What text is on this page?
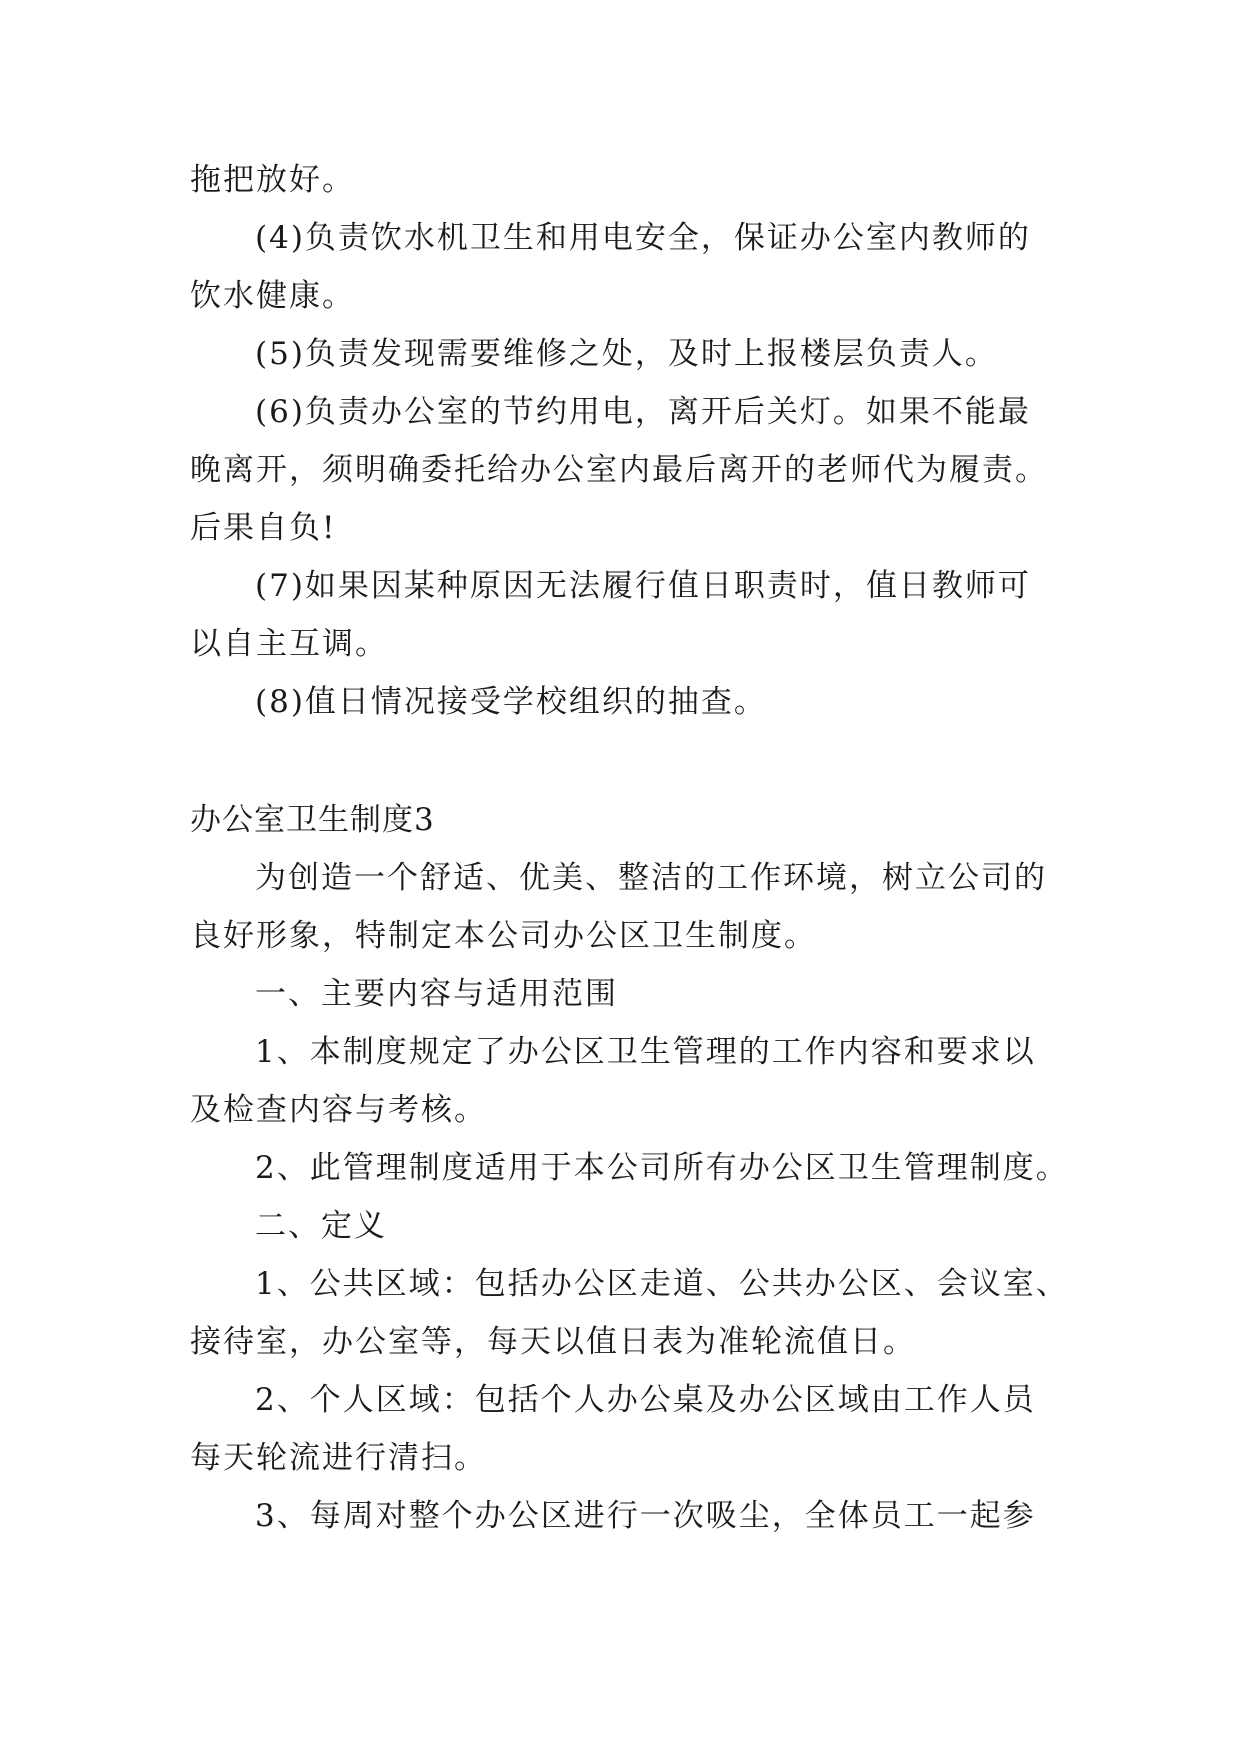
拖把放好。
(4)负责饮水机卫生和用电安全，保证办公室内教师的
饮水健康。
(5)负责发现需要维修之处，及时上报楼层负责人。
(6)负责办公室的节约用电，离开后关灯。如果不能最
晚离开，须明确委托给办公室内最后离开的老师代为履责。
后果自负!
(7)如果因某种原因无法履行值日职责时，值日教师可
以自主互调。
(8)值日情况接受学校组织的抽查。
办公室卫生制度3
为创造一个舒适、优美、整洁的工作环境，树立公司的
良好形象，特制定本公司办公区卫生制度。
一、主要内容与适用范围
1、本制度规定了办公区卫生管理的工作内容和要求以
及检查内容与考核。
2、此管理制度适用于本公司所有办公区卫生管理制度。
二、定义
1、公共区域：包括办公区走道、公共办公区、会议室、
接待室，办公室等，每天以值日表为准轮流值日。
2、个人区域：包括个人办公桌及办公区域由工作人员
每天轮流进行清扫。
3、每周对整个办公区进行一次吸尘，全体员工一起参
